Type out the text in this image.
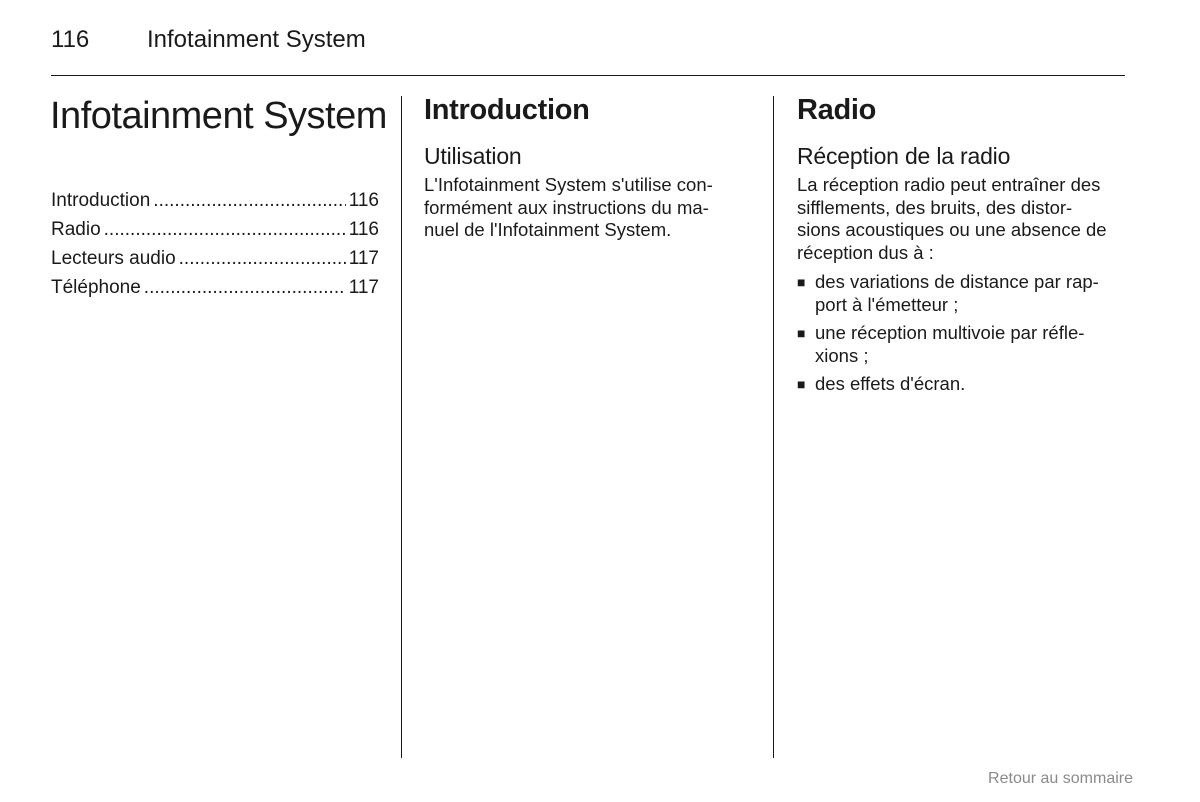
116	Infotainment System
Infotainment System
Introduction .....	116
Radio .....	116
Lecteurs audio .....	117
Téléphone .....	117
Introduction
Utilisation
L'Infotainment System s'utilise con-
formément aux instructions du ma-
nuel de l'Infotainment System.
Radio
Réception de la radio
La réception radio peut entraîner des
sifflements, des bruits, des distor-
sions acoustiques ou une absence de
réception dus à :
■ des variations de distance par rap-
port à l'émetteur ;
■ une réception multivoie par réfle-
xions ;
■ des effets d'écran.
Retour au sommaire
